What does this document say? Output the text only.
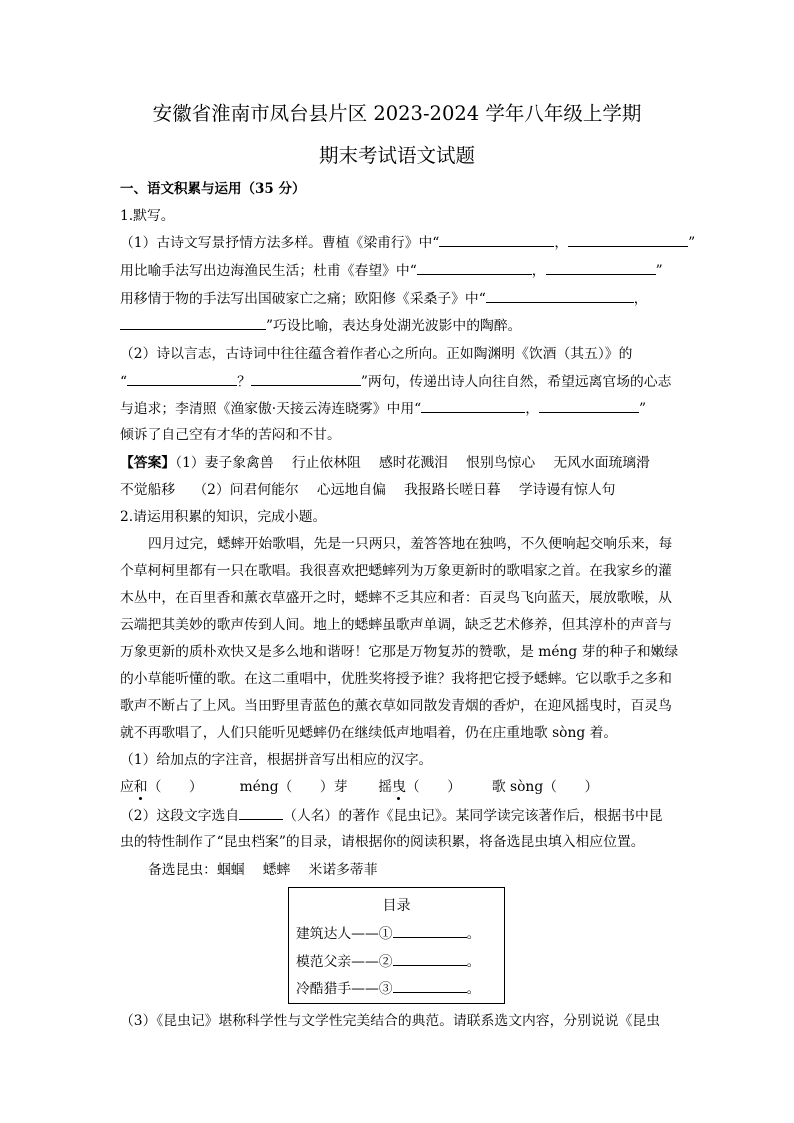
安徽省淮南市凤台县片区 2023-2024 学年八年级上学期
期末考试语文试题
一、语文积累与运用（35 分）
1.默写。
（1）古诗文写景抒情方法多样。曹植《梁甫行》中“	，	”
用比喻手法写出边海渔民生活；杜甫《春望》中“	，	”
用移情于物的手法写出国破家亡之痛；欧阳修《采桑子》中“	，
”巧设比喻，表达身处湖光波影中的陶醉。
（2）诗以言志，古诗词中往往蕴含着作者心之所向。正如陶渊明《饮酒（其五）》的
“	？	”两句，传递出诗人向往自然，希望远离官场的心志
与追求；李清照《渔家傲·天接云涛连晓雾》中用“	，	”
倾诉了自己空有才华的苦闷和不甘。
【答案】（1）妻子象禽兽　 行止依林阻　 感时花溅泪　 恨别鸟惊心　 无风水面琉璃滑
不觉船移　 （2）问君何能尔　 心远地自偏　 我报路长嗟日暮　 学诗谩有惊人句
2.请运用积累的知识，完成小题。
四月过完，蟋蟀开始歌唱，先是一只两只，羞答答地在独鸣，不久便响起交响乐来，每
个草柯柯里都有一只在歌唱。我很喜欢把蟋蟀列为万象更新时的歌唱家之首。在我家乡的灌
木丛中，在百里香和薰衣草盛开之时，蟋蟀不乏其应和者：百灵鸟飞向蓝天，展放歌喉，从
云端把其美妙的歌声传到人间。地上的蟋蟀虽歌声单调，缺乏艺术修养，但其淳朴的声音与
万象更新的质朴欢快又是多么地和谐呀！它那是万物复苏的赞歌，是 méng 芽的种子和嫩绿
的小草能听懂的歌。在这二重唱中，优胜奖将授予谁？我将把它授予蟋蟀。它以歌手之多和
歌声不断占了上风。当田野里青蓝色的薰衣草如同散发青烟的香炉，在迎风摇曳时，百灵鸟
就不再歌唱了，人们只能听见蟋蟀仍在继续低声地唱着，仍在庄重地歌 sòng 着。
（1）给加点的字注音，根据拼音写出相应的汉字。
应和（　　）	méng（　　）芽 摇曳（　　） 歌 sòng（　　）
（2）这段文字选自	（人名）的著作《昆虫记》。某同学读完该著作后，根据书中昆
虫的特性制作了“昆虫档案”的目录，请根据你的阅读积累，将备选昆虫填入相应位置。
备选昆虫：蝈蝈　 蟋蟀　 米诺多蒂菲
目录
建筑达人——①	。
模范父亲——②	。
冷酷猎手——③	。
（3）《昆虫记》堪称科学性与文学性完美结合的典范。请联系选文内容，分别说说《昆虫
